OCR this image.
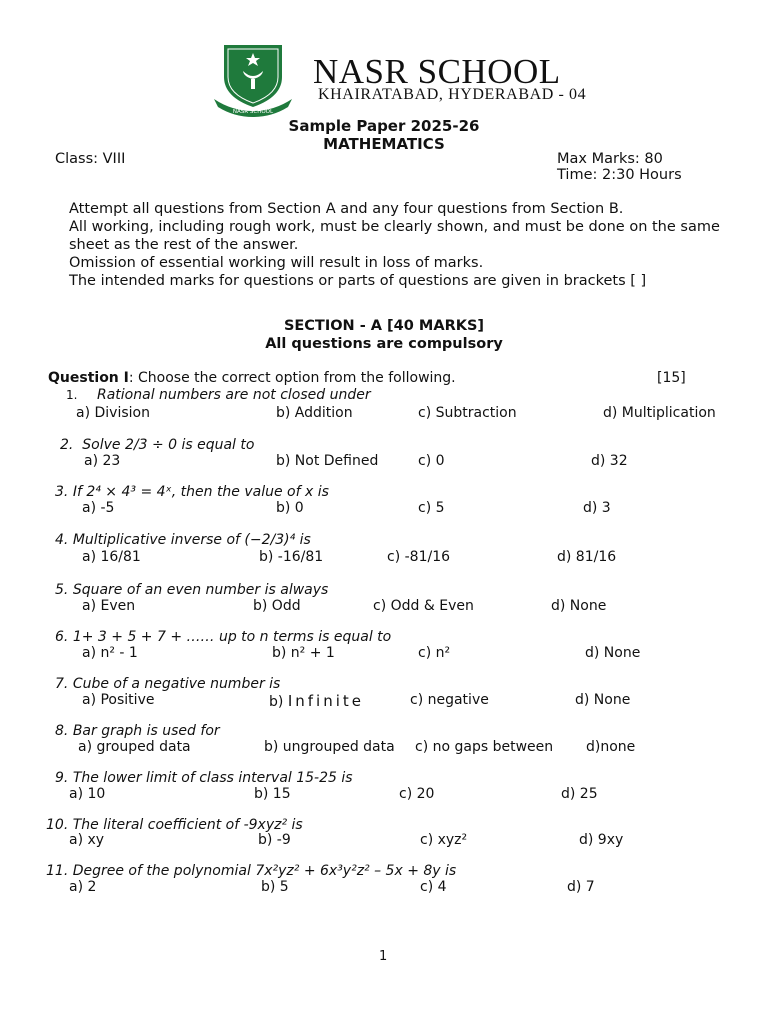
NASR SCHOOL
NASR SCHOOL
KHAIRATABAD, HYDERABAD - 04
Sample Paper 2025-26
MATHEMATICS
Class: VIII	Max Marks: 80
Time: 2:30 Hours
Attempt all questions from Section A and any four questions from Section B.
All working, including rough work, must be clearly shown, and must be done on the same sheet as the rest of the answer.
Omission of essential working will result in loss of marks.
The intended marks for questions or parts of questions are given in brackets [ ]
SECTION - A [40 MARKS]
All questions are compulsory
Question I: Choose the correct option from the following.	[15]
1. Rational numbers are not closed under
a) Division	b) Addition	c) Subtraction	d) Multiplication
2. Solve 2/3 ÷ 0 is equal to
a) 23	b) Not Defined	c) 0	d) 32
3. If 2⁴ × 4³ = 4ˣ, then the value of x is
a) -5	b) 0	c) 5	d) 3
4. Multiplicative inverse of (−2/3)⁴ is
a) 16/81	b) -16/81	c) -81/16	d) 81/16
5. Square of an even number is always
a) Even	b) Odd	c) Odd & Even	d) None
6. 1+ 3 + 5 + 7 + …… up to n terms is equal to
a) n² - 1	b) n² + 1	c) n²	d) None
7. Cube of a negative number is
a) Positive	b) Infinite	c) negative	d) None
8. Bar graph is used for
a) grouped data	b) ungrouped data c) no gaps between d)none
9. The lower limit of class interval 15-25 is
a) 10	b) 15	c) 20	d) 25
10. The literal coefficient of -9xyz² is
a) xy	b) -9	c) xyz²	d) 9xy
11. Degree of the polynomial 7x²yz² + 6x³y²z² – 5x + 8y is
a) 2	b) 5	c) 4	d) 7
1
